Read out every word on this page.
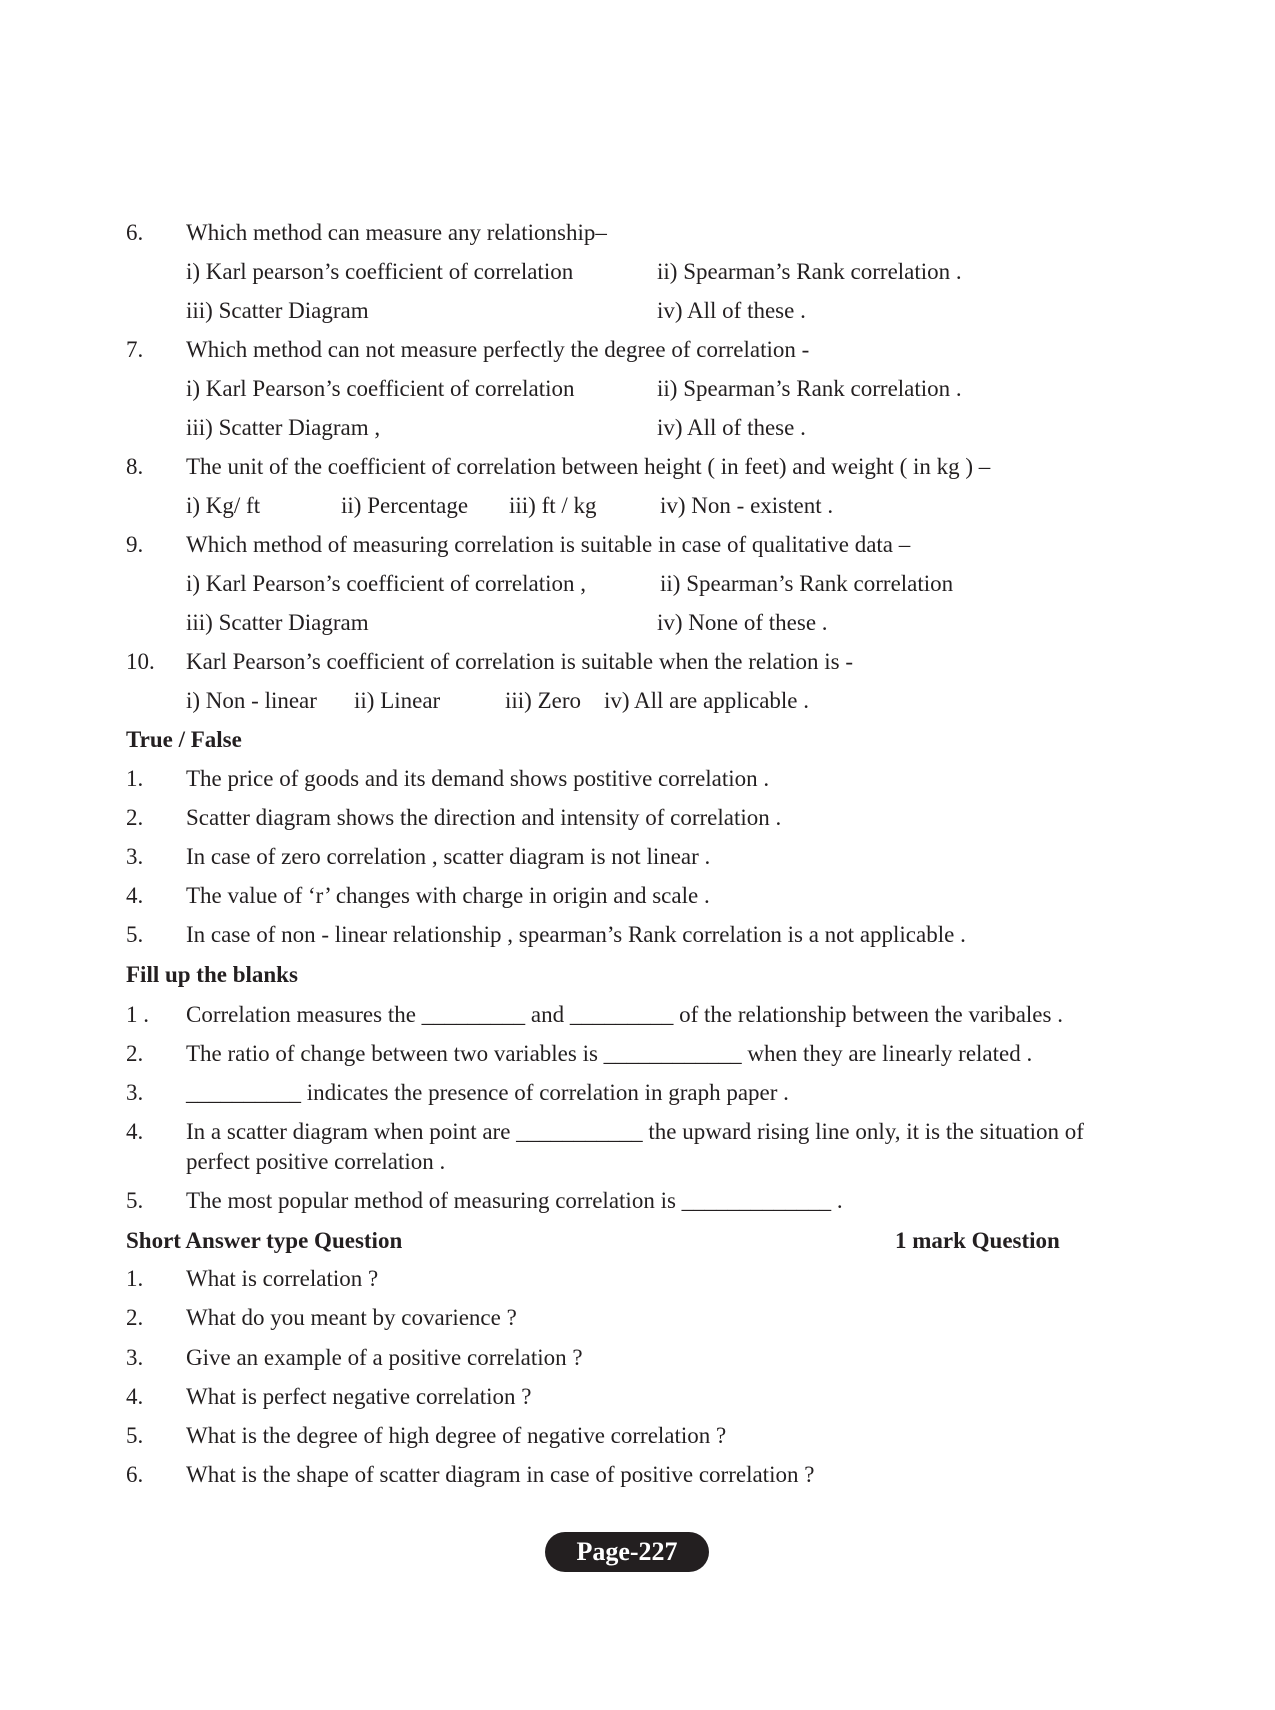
6. Which method can measure any relationship–
i) Karl pearson’s coefficient of correlation	ii) Spearman’s Rank correlation .
iii) Scatter Diagram	iv) All of these .
7. Which method can not measure perfectly the degree of correlation -
i) Karl Pearson’s coefficient of correlation	ii) Spearman’s Rank correlation .
iii) Scatter Diagram ,	iv) All of these .
8. The unit of the coefficient of correlation between height ( in feet) and weight ( in kg ) –
i) Kg/ ft	ii) Percentage iii) ft / kg	iv) Non - existent .
9. Which method of measuring correlation is suitable in case of qualitative data –
i) Karl Pearson’s coefficient of correlation ,	ii) Spearman’s Rank correlation
iii) Scatter Diagram	iv) None of these .
10. Karl Pearson’s coefficient of correlation is suitable when the relation is -
i) Non - linear ii) Linear	iii) Zero iv) All are applicable .
True / False
1. The price of goods and its demand shows postitive correlation .
2. Scatter diagram shows the direction and intensity of correlation .
3. In case of zero correlation , scatter diagram is not linear .
4. The value of ‘r’ changes with charge in origin and scale .
5. In case of non - linear relationship , spearman’s Rank correlation is a not applicable .
Fill up the blanks
1 . Correlation measures the _________ and _________ of the relationship between the varibales .
2. The ratio of change between two variables is ____________ when they are linearly related .
3. __________ indicates the presence of correlation in graph paper .
4. In a scatter diagram when point are ___________ the upward rising line only, it is the situation of perfect positive correlation .
5. The most popular method of measuring correlation is _____________ .
Short Answer type Question	1 mark Question
1. What is correlation ?
2. What do you meant by covarience ?
3. Give an example of a positive correlation ?
4. What is perfect negative correlation ?
5. What is the degree of high degree of negative correlation ?
6. What is the shape of scatter diagram in case of positive correlation ?
Page-227
